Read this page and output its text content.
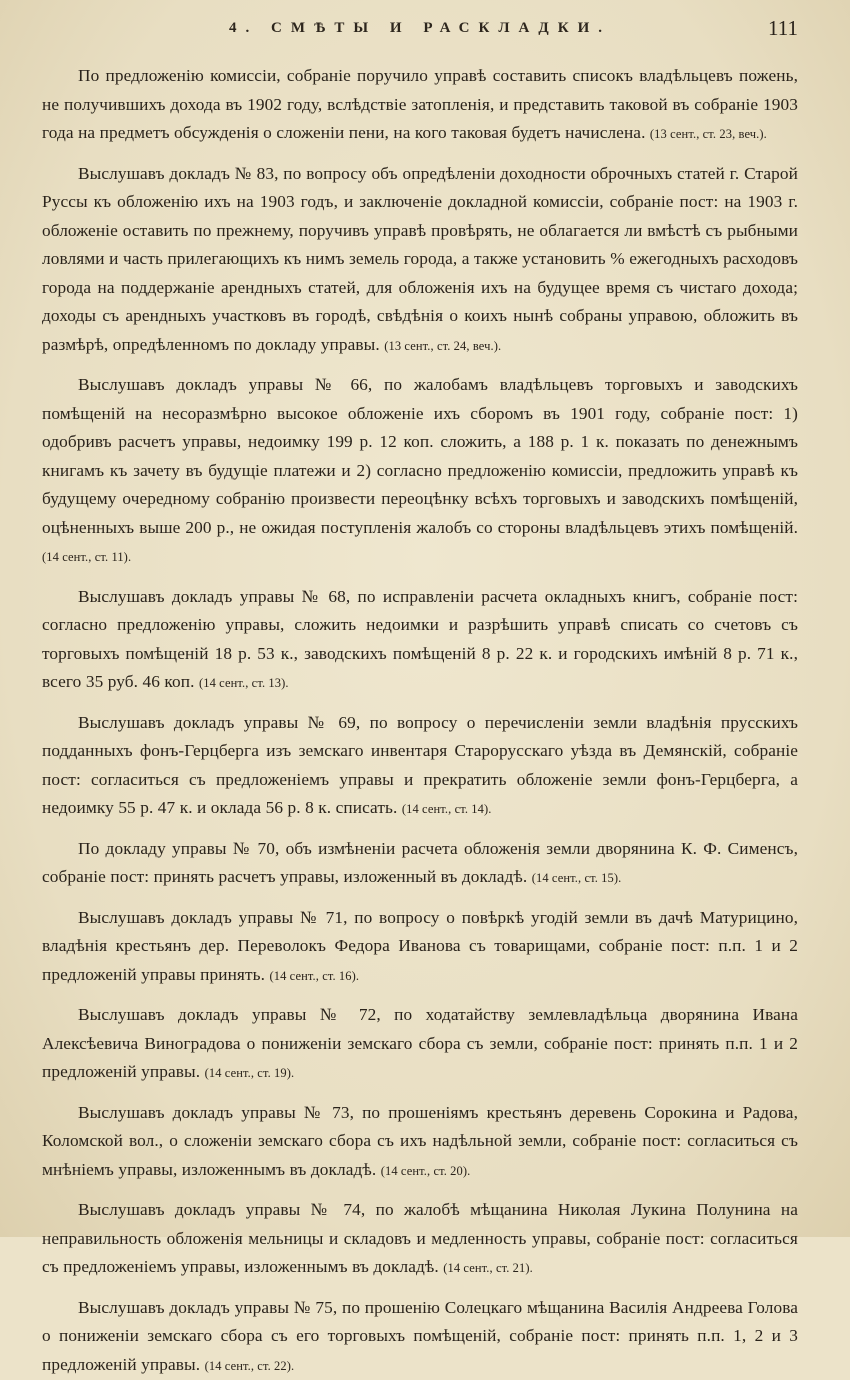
4. СМѢТЫ И РАСКЛАДКИ.	111

По предложенію комиссіи, собраніе поручило управѣ составить списокъ владѣльцевъ пожень, не получившихъ дохода въ 1902 году, вслѣдствіе затопленія, и представить таковой въ собраніе 1903 года на предметъ обсужденія о сложеніи пени, на кого таковая будетъ начислена. (13 сент., ст. 23, веч.).

Выслушавъ докладъ № 83, по вопросу объ опредѣленіи доходности оброчныхъ статей г. Старой Руссы къ обложенію ихъ на 1903 годъ, и заключеніе докладной комиссіи, собраніе пост: на 1903 г. обложеніе оставить по прежнему, поручивъ управѣ провѣрять, не облагается ли вмѣстѣ съ рыбными ловлями и часть прилегающихъ къ нимъ земель города, а также установить % ежегодныхъ расходовъ города на поддержаніе арендныхъ статей, для обложенія ихъ на будущее время съ чистаго дохода; доходы съ арендныхъ участковъ въ городѣ, свѣдѣнія о коихъ нынѣ собраны управою, обложить въ размѣрѣ, опредѣленномъ по докладу управы. (13 сент., ст. 24, веч.).

Выслушавъ докладъ управы № 66, по жалобамъ владѣльцевъ торговыхъ и заводскихъ помѣщеній на несоразмѣрно высокое обложеніе ихъ сборомъ въ 1901 году, собраніе пост: 1) одобривъ расчетъ управы, недоимку 199 р. 12 коп. сложить, а 188 р. 1 к. показать по денежнымъ книгамъ къ зачету въ будущіе платежи и 2) согласно предложенію комиссіи, предложить управѣ къ будущему очередному собранію произвести переоцѣнку всѣхъ торговыхъ и заводскихъ помѣщеній, оцѣненныхъ выше 200 р., не ожидая поступленія жалобъ со стороны владѣльцевъ этихъ помѣщеній. (14 сент., ст. 11).

Выслушавъ докладъ управы № 68, по исправленіи расчета окладныхъ книгъ, собраніе пост: согласно предложенію управы, сложить недоимки и разрѣшить управѣ списать со счетовъ съ торговыхъ помѣщеній 18 р. 53 к., заводскихъ помѣщеній 8 р. 22 к. и городскихъ имѣній 8 р. 71 к., всего 35 руб. 46 коп. (14 сент., ст. 13).

Выслушавъ докладъ управы № 69, по вопросу о перечисленіи земли владѣнія прусскихъ подданныхъ фонъ-Герцберга изъ земскаго инвентаря Старорусскаго уѣзда въ Демянскій, собраніе пост: согласиться съ предложеніемъ управы и прекратить обложеніе земли фонъ-Герцберга, а недоимку 55 р. 47 к. и оклада 56 р. 8 к. списать. (14 сент., ст. 14).

По докладу управы № 70, объ измѣненіи расчета обложенія земли дворянина К. Ф. Сименсъ, собраніе пост: принять расчетъ управы, изложенный въ докладѣ. (14 сент., ст. 15).

Выслушавъ докладъ управы № 71, по вопросу о повѣркѣ угодій земли въ дачѣ Матурицино, владѣнія крестьянъ дер. Переволокъ Федора Иванова съ товарищами, собраніе пост: п.п. 1 и 2 предложеній управы принять. (14 сент., ст. 16).

Выслушавъ докладъ управы № 72, по ходатайству землевладѣльца дворянина Ивана Алексѣевича Виноградова о пониженіи земскаго сбора съ земли, собраніе пост: принять п.п. 1 и 2 предложеній управы. (14 сент., ст. 19).

Выслушавъ докладъ управы № 73, по прошеніямъ крестьянъ деревень Сорокина и Радова, Коломской вол., о сложеніи земскаго сбора съ ихъ надѣльной земли, собраніе пост: согласиться съ мнѣніемъ управы, изложеннымъ въ докладѣ. (14 сент., ст. 20).

Выслушавъ докладъ управы № 74, по жалобѣ мѣщанина Николая Лукина Полунина на неправильность обложенія мельницы и складовъ и медленность управы, собраніе пост: согласиться съ предложеніемъ управы, изложеннымъ въ докладѣ. (14 сент., ст. 21).

Выслушавъ докладъ управы № 75, по прошенію Солецкаго мѣщанина Василія Андреева Голова о пониженіи земскаго сбора съ его торговыхъ помѣщеній, собраніе пост: принять п.п. 1, 2 и 3 предложеній управы. (14 сент., ст. 22).
